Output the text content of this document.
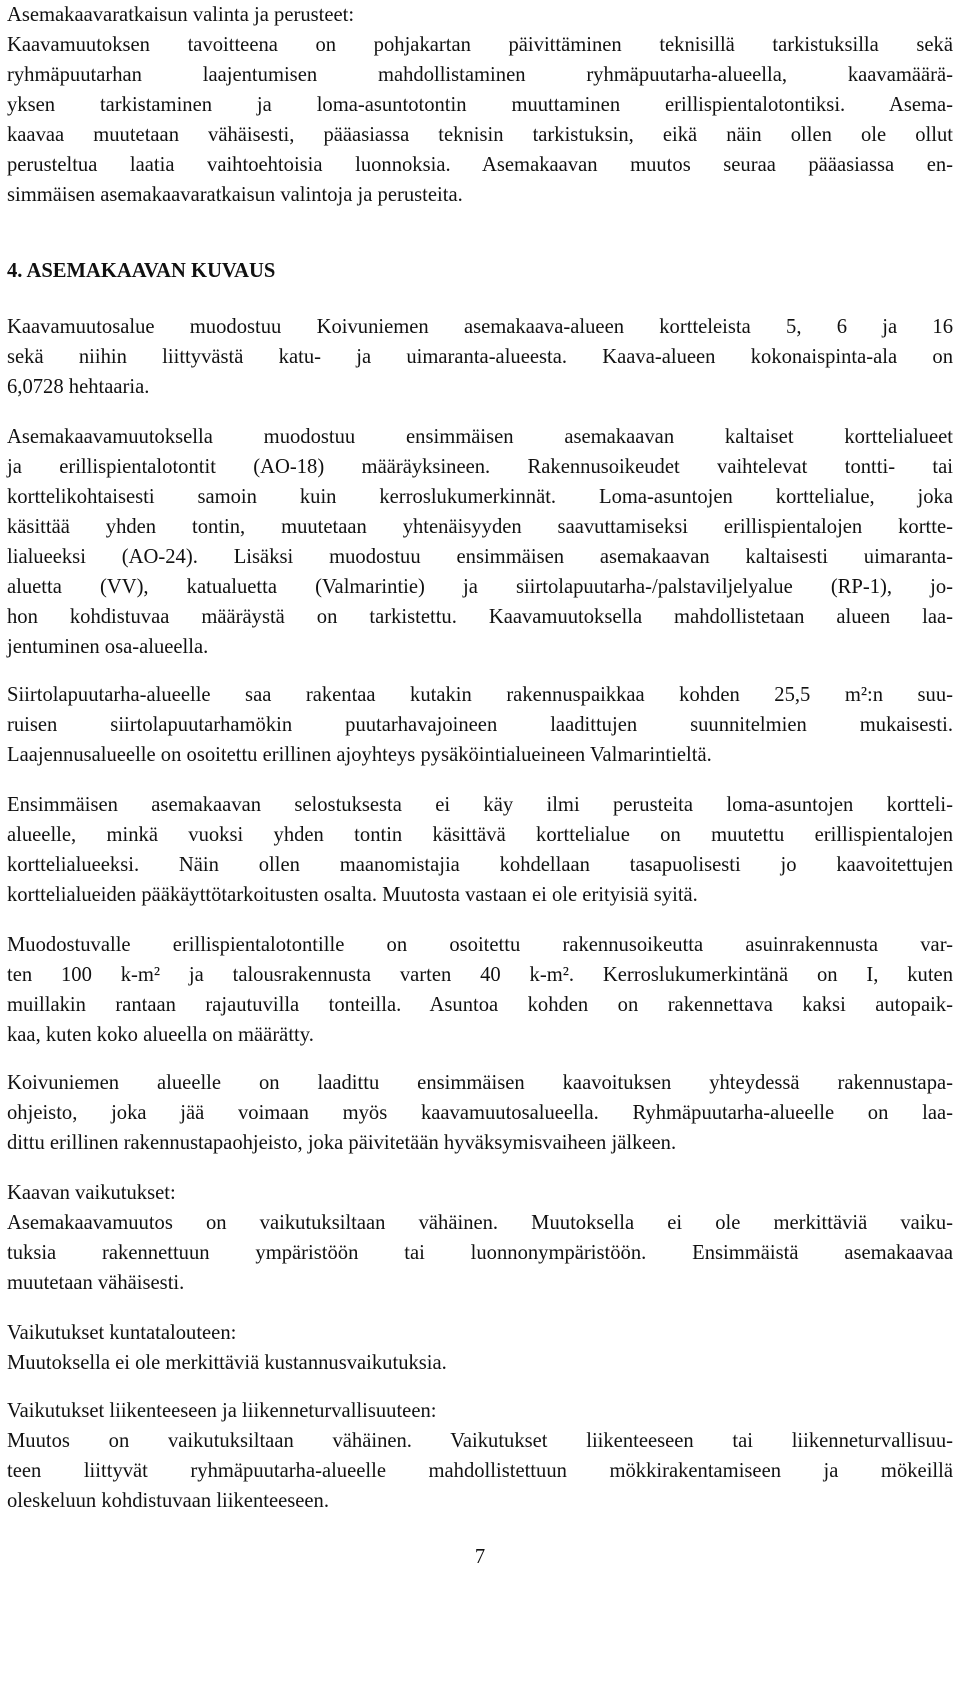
Asemakaavaratkaisun valinta ja perusteet:
Kaavamuutoksen tavoitteena on pohjakartan päivittäminen teknisillä tarkistuksilla sekä
ryhmäpuutarhan laajentumisen mahdollistaminen ryhmäpuutarha-alueella, kaavamäärä-
yksen tarkistaminen ja loma-asuntotontin muuttaminen erillispientalotontiksi. Asema-
kaavaa muutetaan vähäisesti, pääasiassa teknisin tarkistuksin, eikä näin ollen ole ollut
perusteltua laatia vaihtoehtoisia luonnoksia. Asemakaavan muutos seuraa pääasiassa en-
simmäisen asemakaavaratkaisun valintoja ja perusteita.
4. ASEMAKAAVAN KUVAUS
Kaavamuutosalue muodostuu Koivuniemen asemakaava-alueen kortteleista 5, 6 ja 16
sekä niihin liittyvästä katu- ja uimaranta-alueesta. Kaava-alueen kokonaispinta-ala on
6,0728 hehtaaria.
Asemakaavamuutoksella muodostuu ensimmäisen asemakaavan kaltaiset korttelialueet
ja erillispientalotontit (AO-18) määräyksineen. Rakennusoikeudet vaihtelevat tontti- tai
korttelikohtaisesti samoin kuin kerroslukumerkinnät. Loma-asuntojen korttelialue, joka
käsittää yhden tontin, muutetaan yhtenäisyyden saavuttamiseksi erillispientalojen kortte-
lialueeksi (AO-24). Lisäksi muodostuu ensimmäisen asemakaavan kaltaisesti uimaranta-
aluetta (VV), katualuetta (Valmarintie) ja siirtolapuutarha-/palstaviljelyalue (RP-1), jo-
hon kohdistuvaa määräystä on tarkistettu. Kaavamuutoksella mahdollistetaan alueen laa-
jentuminen osa-alueella.
Siirtolapuutarha-alueelle saa rakentaa kutakin rakennuspaikkaa kohden 25,5 m²:n suu-
ruisen siirtolapuutarhamökin puutarhavajoineen laadittujen suunnitelmien mukaisesti.
Laajennusalueelle on osoitettu erillinen ajoyhteys pysäköintialueineen Valmarintieltä.
Ensimmäisen asemakaavan selostuksesta ei käy ilmi perusteita loma-asuntojen kortteli-
alueelle, minkä vuoksi yhden tontin käsittävä korttelialue on muutettu erillispientalojen
korttelialueeksi. Näin ollen maanomistajia kohdellaan tasapuolisesti jo kaavoitettujen
korttelialueiden pääkäyttötarkoitusten osalta. Muutosta vastaan ei ole erityisiä syitä.
Muodostuvalle erillispientalotontille on osoitettu rakennusoikeutta asuinrakennusta var-
ten 100 k-m² ja talousrakennusta varten 40 k-m². Kerroslukumerkintänä on I, kuten
muillakin rantaan rajautuvilla tonteilla. Asuntoa kohden on rakennettava kaksi autopaik-
kaa, kuten koko alueella on määrätty.
Koivuniemen alueelle on laadittu ensimmäisen kaavoituksen yhteydessä rakennustapa-
ohjeisto, joka jää voimaan myös kaavamuutosalueella. Ryhmäpuutarha-alueelle on laa-
dittu erillinen rakennustapaohjeisto, joka päivitetään hyväksymisvaiheen jälkeen.
Kaavan vaikutukset:
Asemakaavamuutos on vaikutuksiltaan vähäinen. Muutoksella ei ole merkittäviä vaiku-
tuksia rakennettuun ympäristöön tai luonnonympäristöön. Ensimmäistä asemakaavaa
muutetaan vähäisesti.
Vaikutukset kuntatalouteen:
Muutoksella ei ole merkittäviä kustannusvaikutuksia.
Vaikutukset liikenteeseen ja liikenneturvallisuuteen:
Muutos on vaikutuksiltaan vähäinen. Vaikutukset liikenteeseen tai liikenneturvallisuu-
teen liittyvät ryhmäpuutarha-alueelle mahdollistettuun mökkirakentamiseen ja mökeillä
oleskeluun kohdistuvaan liikenteeseen.
7
